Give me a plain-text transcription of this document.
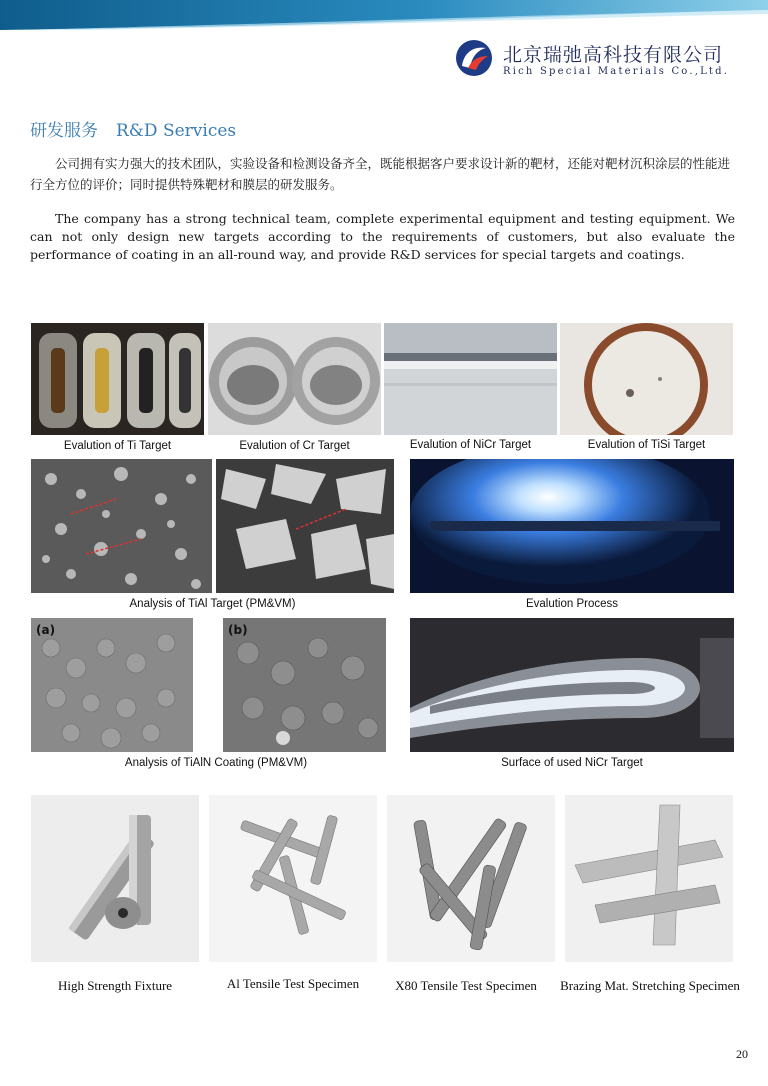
北京瑞弛高科技有限公司
Rich Special Materials Co.,Ltd.
研发服务 R&D Services
公司拥有实力强大的技术团队，实验设备和检测设备齐全，既能根据客户要求设计新的靶材，还能对靶材沉积涂层的性能进行全方位的评价；同时提供特殊靶材和膜层的研发服务。
The company has a strong technical team, complete experimental equipment and testing equipment. We can not only design new targets according to the requirements of customers, but also evaluate the performance of coating in an all-round way, and provide R&D services for special targets and coatings.
Evalution of Ti Target	Evalution of Cr Target	Evalution of NiCr Target	Evalution of TiSi Target
Analysis of TiAl Target (PM&VM)	Evalution Process
(a)	(b)
Analysis of TiAlN Coating (PM&VM)	Surface of used NiCr Target
High Strength Fixture	Al Tensile Test Specimen	X80 Tensile Test Specimen	Brazing Mat. Stretching Specimen
20
